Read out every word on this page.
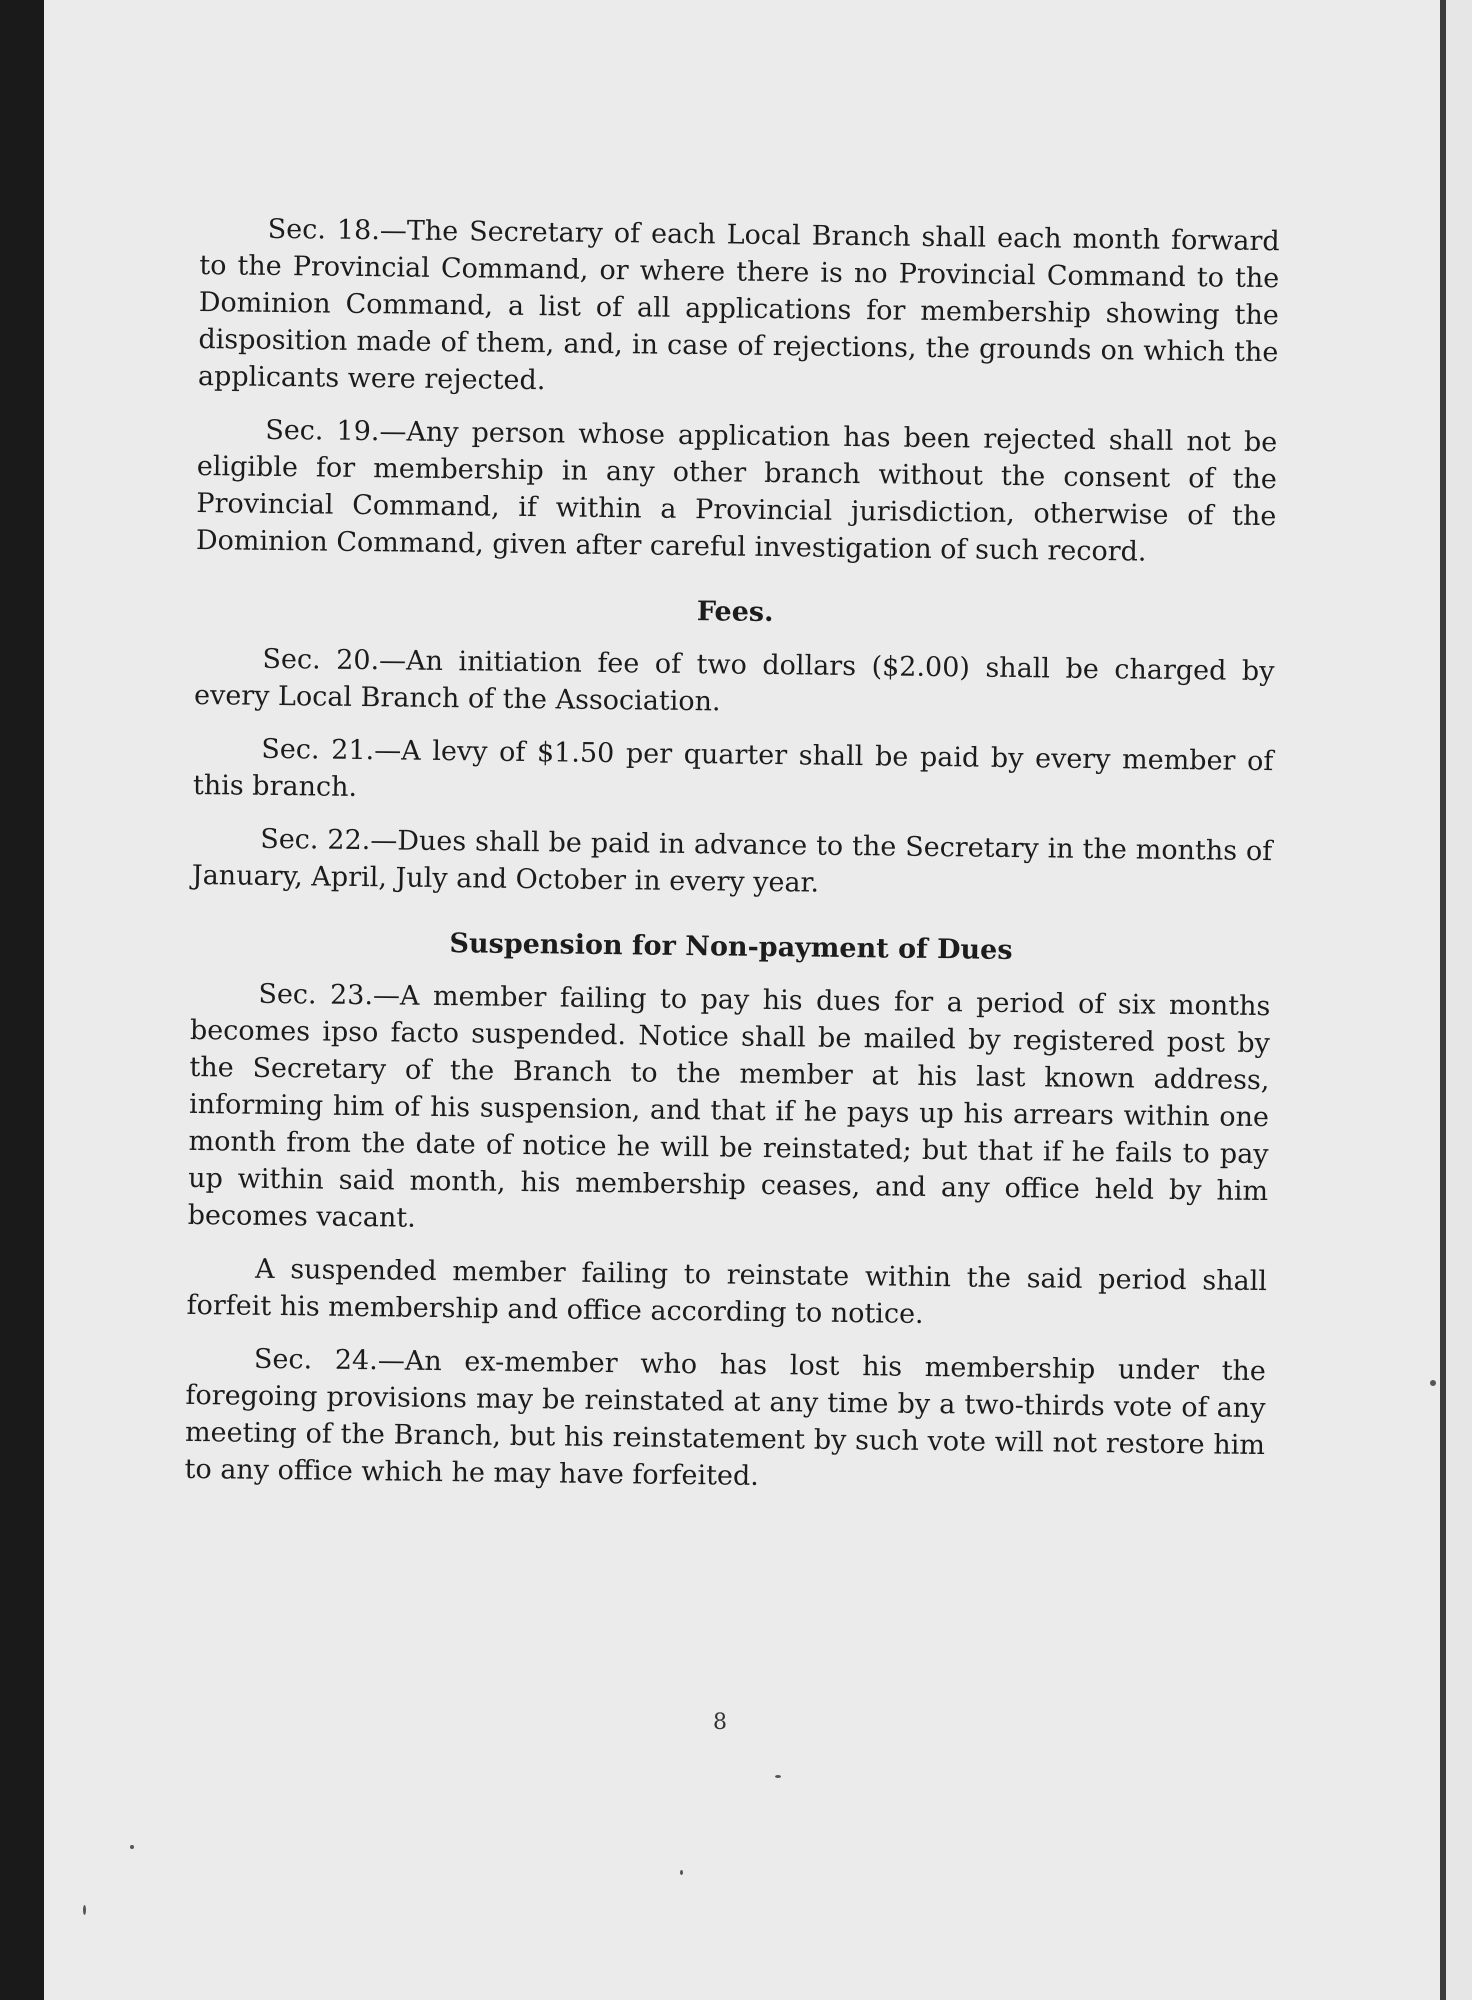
Sec. 18.—The Secretary of each Local Branch shall each month forward to the Provincial Command, or where there is no Provincial Command to the Dominion Command, a list of all applications for membership showing the disposition made of them, and, in case of rejections, the grounds on which the applicants were rejected.

Sec. 19.—Any person whose application has been rejected shall not be eligible for membership in any other branch without the consent of the Provincial Command, if within a Provincial jurisdiction, otherwise of the Dominion Command, given after careful investigation of such record.

Fees.

Sec. 20.—An initiation fee of two dollars ($2.00) shall be charged by every Local Branch of the Association.

Sec. 21.—A levy of $1.50 per quarter shall be paid by every member of this branch.

Sec. 22.—Dues shall be paid in advance to the Secretary in the months of January, April, July and October in every year.

Suspension for Non-payment of Dues

Sec. 23.—A member failing to pay his dues for a period of six months becomes ipso facto suspended. Notice shall be mailed by registered post by the Secretary of the Branch to the member at his last known address, informing him of his suspension, and that if he pays up his arrears within one month from the date of notice he will be reinstated; but that if he fails to pay up within said month, his membership ceases, and any office held by him becomes vacant.

A suspended member failing to reinstate within the said period shall forfeit his membership and office according to notice.

Sec. 24.—An ex-member who has lost his membership under the foregoing provisions may be reinstated at any time by a two-thirds vote of any meeting of the Branch, but his reinstatement by such vote will not restore him to any office which he may have forfeited.

8
